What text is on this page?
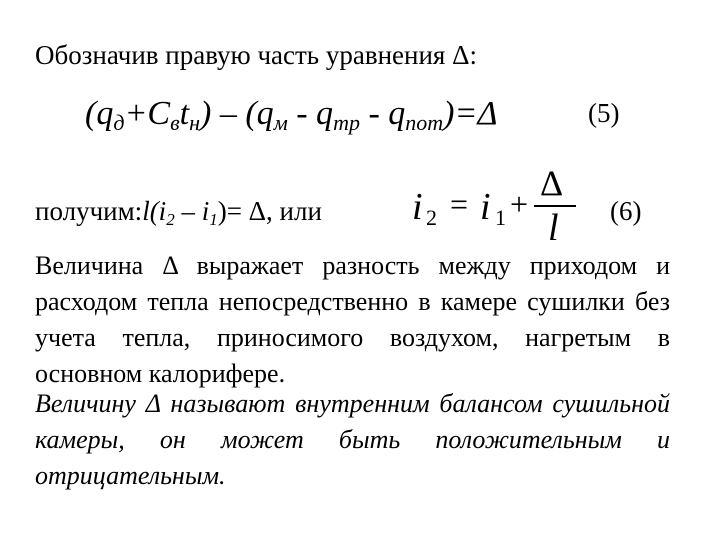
Обозначив правую часть уравнения Δ:
$(q_д+C_вt_н) - (q_м - q_{тр} - q_{пот})=\Delta$	(5)
$получим:l(i_2 - i_1)= \Delta$, или i 2 = i 1 +
Δ
l (6)
Величина Δ выражает разность между приходом и расходом тепла непосредственно в камере сушилки без учета тепла, приносимого воздухом, нагретым в основном калорифере.
Величину Δ называют внутренним балансом сушильной камеры, он может быть положительным и отрицательным.
